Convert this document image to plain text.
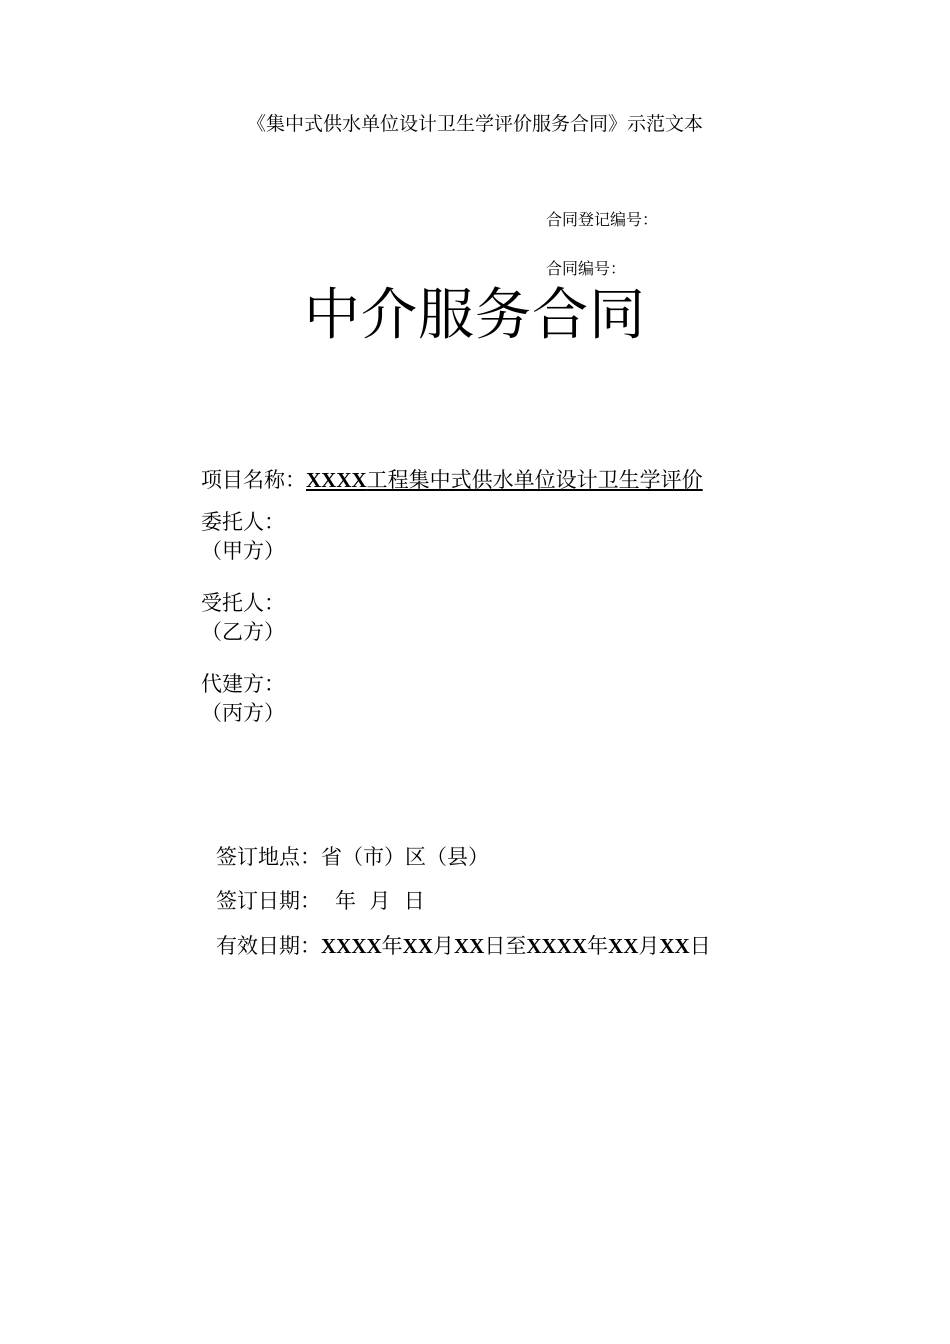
《集中式供水单位设计卫生学评价服务合同》示范文本
合同登记编号：
合同编号：
中介服务合同
项目名称：XXXX工程集中式供水单位设计卫生学评价
委托人：
（甲方）
受托人：
（乙方）
代建方：
（丙方）
签订地点：省（市）区（县）
签订日期： 年  月  日
有效日期：XXXX年XX月XX日至XXXX年XX月XX日
